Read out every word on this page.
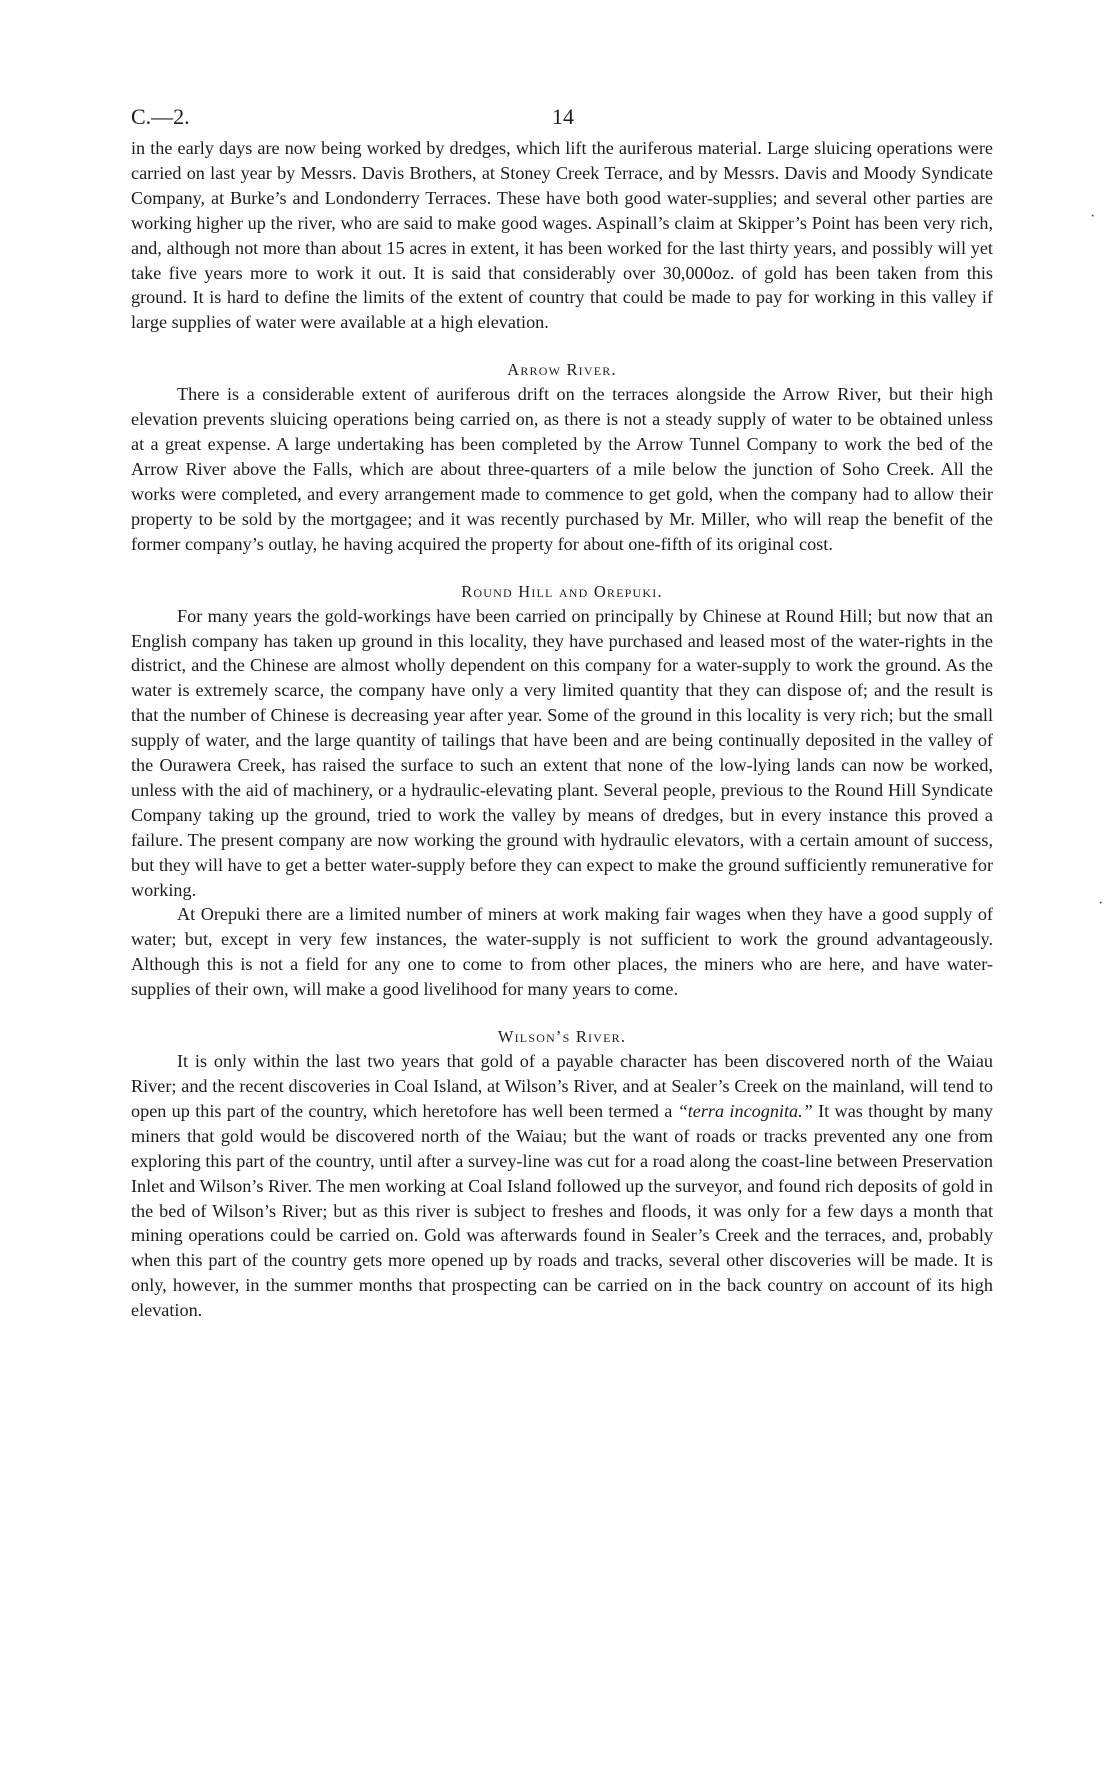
C.—2.	14

in the early days are now being worked by dredges, which lift the auriferous material. Large sluicing operations were carried on last year by Messrs. Davis Brothers, at Stoney Creek Terrace, and by Messrs. Davis and Moody Syndicate Company, at Burke’s and Londonderry Terraces. These have both good water-supplies; and several other parties are working higher up the river, who are said to make good wages. Aspinall’s claim at Skipper’s Point has been very rich, and, although not more than about 15 acres in extent, it has been worked for the last thirty years, and possibly will yet take five years more to work it out. It is said that considerably over 30,000oz. of gold has been taken from this ground. It is hard to define the limits of the extent of country that could be made to pay for working in this valley if large supplies of water were available at a high elevation.

Arrow River.

There is a considerable extent of auriferous drift on the terraces alongside the Arrow River, but their high elevation prevents sluicing operations being carried on, as there is not a steady supply of water to be obtained unless at a great expense. A large undertaking has been completed by the Arrow Tunnel Company to work the bed of the Arrow River above the Falls, which are about three-quarters of a mile below the junction of Soho Creek. All the works were completed, and every arrangement made to commence to get gold, when the company had to allow their property to be sold by the mortgagee; and it was recently purchased by Mr. Miller, who will reap the benefit of the former company’s outlay, he having acquired the property for about one-fifth of its original cost.

Round Hill and Orepuki.

For many years the gold-workings have been carried on principally by Chinese at Round Hill; but now that an English company has taken up ground in this locality, they have purchased and leased most of the water-rights in the district, and the Chinese are almost wholly dependent on this company for a water-supply to work the ground. As the water is extremely scarce, the company have only a very limited quantity that they can dispose of; and the result is that the number of Chinese is decreasing year after year. Some of the ground in this locality is very rich; but the small supply of water, and the large quantity of tailings that have been and are being continually deposited in the valley of the Ourawera Creek, has raised the surface to such an extent that none of the low-lying lands can now be worked, unless with the aid of machinery, or a hydraulic-elevating plant. Several people, previous to the Round Hill Syndicate Company taking up the ground, tried to work the valley by means of dredges, but in every instance this proved a failure. The present company are now working the ground with hydraulic elevators, with a certain amount of success, but they will have to get a better water-supply before they can expect to make the ground sufficiently remunerative for working.

At Orepuki there are a limited number of miners at work making fair wages when they have a good supply of water; but, except in very few instances, the water-supply is not sufficient to work the ground advantageously. Although this is not a field for any one to come to from other places, the miners who are here, and have water-supplies of their own, will make a good livelihood for many years to come.

Wilson’s River.

It is only within the last two years that gold of a payable character has been discovered north of the Waiau River; and the recent discoveries in Coal Island, at Wilson’s River, and at Sealer’s Creek on the mainland, will tend to open up this part of the country, which heretofore has well been termed a “terra incognita.” It was thought by many miners that gold would be discovered north of the Waiau; but the want of roads or tracks prevented any one from exploring this part of the country, until after a survey-line was cut for a road along the coast-line between Preservation Inlet and Wilson’s River. The men working at Coal Island followed up the surveyor, and found rich deposits of gold in the bed of Wilson’s River; but as this river is subject to freshes and floods, it was only for a few days a month that mining operations could be carried on. Gold was afterwards found in Sealer’s Creek and the terraces, and, probably when this part of the country gets more opened up by roads and tracks, several other discoveries will be made. It is only, however, in the summer months that prospecting can be carried on in the back country on account of its high elevation.

·
·
